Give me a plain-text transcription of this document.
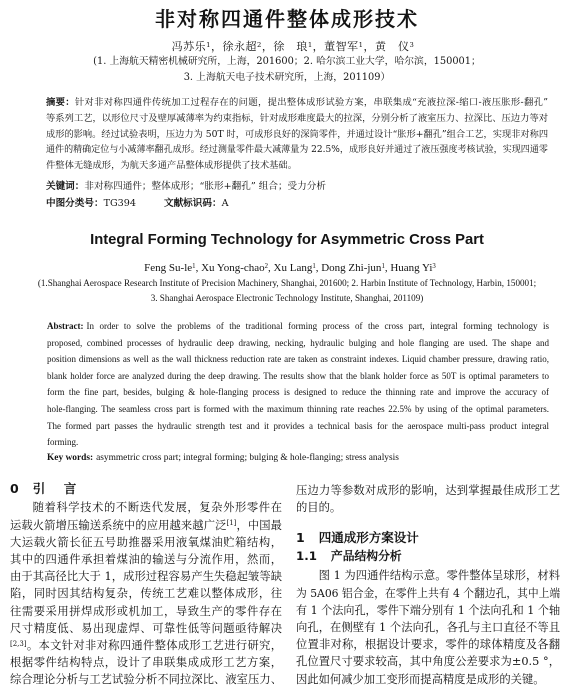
非对称四通件整体成形技术
冯苏乐$^1$，徐永超$^2$，徐　琅$^1$，董智军$^1$，黄　仪$^3$
(1. 上海航天精密机械研究所，上海，201600；2. 哈尔滨工业大学，哈尔滨，150001；
3. 上海航天电子技术研究所，上海，201109）
摘要：针对非对称四通件传统加工过程存在的问题，提出整体成形试验方案，串联集成“充液拉深-缩口-液压胀形-翻孔”
等系列工艺，以形位尺寸及壁厚减薄率为约束指标，针对成形难度最大的拉深，分别分析了液室压力、拉深比、压边力等对
成形的影响。经过试验表明，压边力为 50T 时，可成形良好的深筒零件，并通过设计“胀形+翻孔”组合工艺，实现非对称四
通件的精确定位与小减薄率翻孔成形。经过测量零件最大减薄量为 22.5%，成形良好并通过了液压强度考核试验，实现四通零
件整体无缝成形，为航天多通产品整体成形提供了技术基础。
关键词：非对称四通件；整体成形；“胀形+翻孔” 组合；受力分析
中图分类号：TG394	文献标识码：A
Integral Forming Technology for Asymmetric Cross Part
Feng $Su-le^1$, Xu Yong-chao$^2$, Xu Lang$^1$, Dong Zhi-jun$^1$, Huang Yi$^3$
(1.Shanghai Aerospace Research Institute of Precision Machinery, Shanghai, 201600; 2. Harbin Institute of Technology, Harbin, 150001;
3. Shanghai Aerospace Electronic Technology Institute, Shanghai, 201109)
Abstract: In order to solve the problems of the traditional forming process of the cross part, integral forming technology is
proposed, combined processes of hydraulic deep drawing, necking, hydraulic bulging and hole flanging are used. The shape and
position dimensions as well as the wall thickness reduction rate are taken as constraint indexes. Liquid chamber pressure, drawing ratio,
blank holder force are analyzed during the deep drawing. The results show that the blank holder force as 50T is optimal parameters to
form the fine part, besides, bulging & hole-flanging process is designed to reduce the thinning rate and improve the accuracy of
hole-flanging. The seamless cross part is formed with the maximum thinning rate reaches 22.5% by using of the optimal parameters.
The formed part passes the hydraulic strength test and it provides a technical basis for the aerospace multi-pass product integral
forming.
Key words: asymmetric cross part; integral forming; bulging & hole-flanging; stress analysis
0 引　言
随着科学技术的不断迭代发展，复杂外形零件在
运载火箭增压输送系统中的应用越来越广泛[1]，中国最
大运载火箭长征五号助推器采用液氧煤油贮箱结构，
其中的四通件承担着煤油的输送与分流作用，然而，
由于其高径比大于 1，成形过程容易产生失稳起皱等缺
陷，同时因其结构复杂，传统工艺难以整体成形，往
往需要采用拼焊成形或机加工，导致生产的零件存在
尺寸精度低、易出现虚焊、可靠性低等问题亟待解决
[2,3]。本文针对非对称四通件整体成形工艺进行研究，
根据零件结构特点，设计了串联集成成形工艺方案，
综合理论分析与工艺试验分析不同拉深比、液室压力、
压边力等参数对成形的影响，达到掌握最佳成形工艺
的目的。
1 四通成形方案设计
1.1 产品结构分析
图 1 为四通件结构示意。零件整体呈球形，材料
为 5A06 铝合金，在零件上共有 4 个翻边孔，其中上端
有 1 个法向孔，零件下端分别有 1 个法向孔和 1 个轴
向孔，在侧壁有 1 个法向孔，各孔与主口直径不等且
位置非对称，根据设计要求，零件的球体精度及各翻
孔位置尺寸要求较高，其中角度公差要求为±0.5 °，
因此如何减少加工变形而提高精度是成形的关键。
